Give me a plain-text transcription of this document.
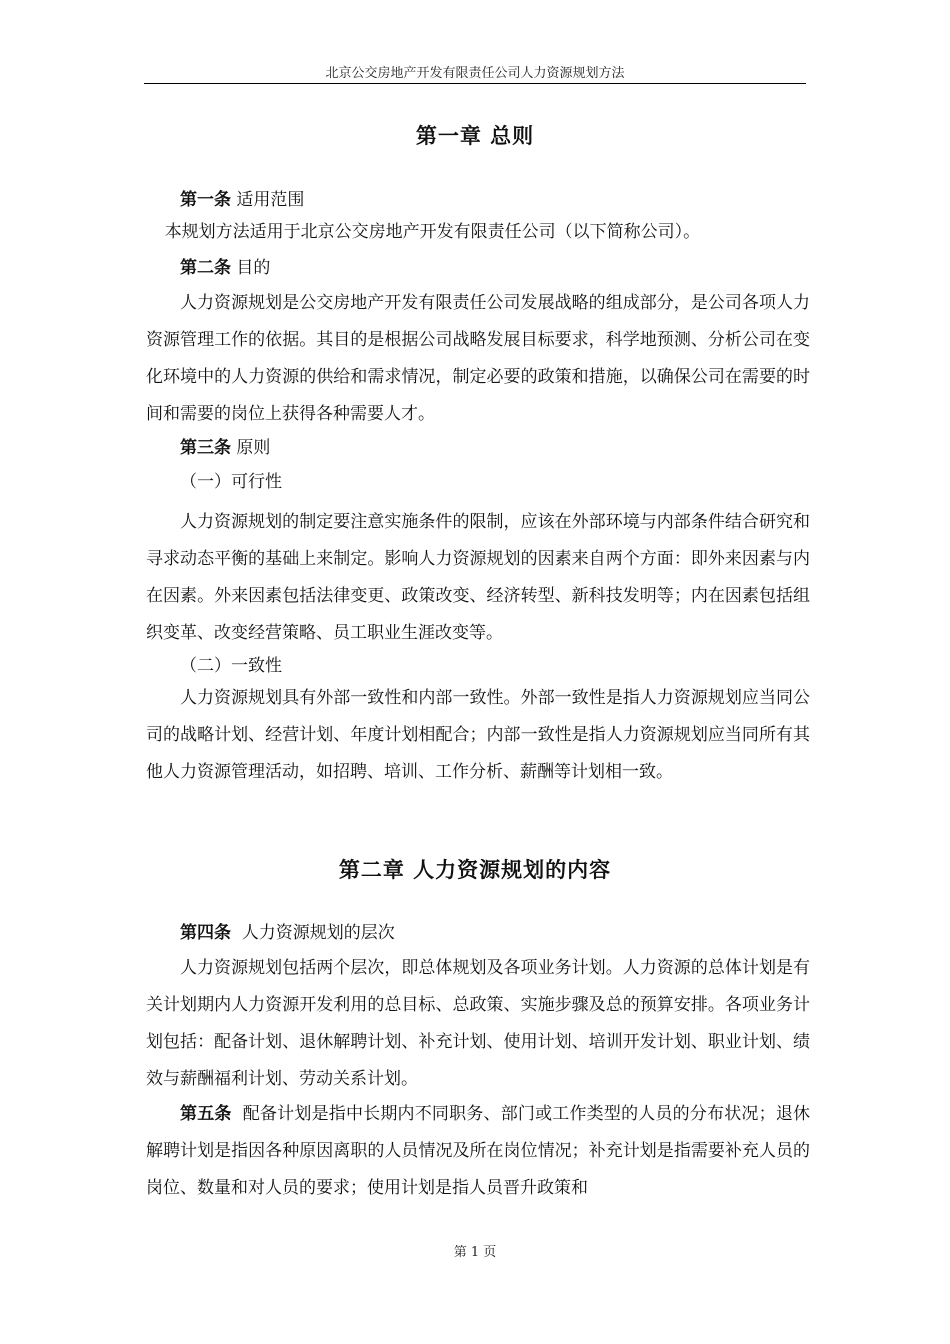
北京公交房地产开发有限责任公司人力资源规划方法
第一章 总则
第一条 适用范围

本规划方法适用于北京公交房地产开发有限责任公司（以下简称公司）。

第二条 目的

人力资源规划是公交房地产开发有限责任公司发展战略的组成部分，是公司各项人力资源管理工作的依据。其目的是根据公司战略发展目标要求，科学地预测、分析公司在变化环境中的人力资源的供给和需求情况，制定必要的政策和措施，以确保公司在需要的时间和需要的岗位上获得各种需要人才。

第三条 原则
（一）可行性

人力资源规划的制定要注意实施条件的限制，应该在外部环境与内部条件结合研究和寻求动态平衡的基础上来制定。影响人力资源规划的因素来自两个方面：即外来因素与内在因素。外来因素包括法律变更、政策改变、经济转型、新科技发明等；内在因素包括组织变革、改变经营策略、员工职业生涯改变等。

（二）一致性

人力资源规划具有外部一致性和内部一致性。外部一致性是指人力资源规划应当同公司的战略计划、经营计划、年度计划相配合；内部一致性是指人力资源规划应当同所有其他人力资源管理活动，如招聘、培训、工作分析、薪酬等计划相一致。

第二章 人力资源规划的内容
第四条 人力资源规划的层次

人力资源规划包括两个层次，即总体规划及各项业务计划。人力资源的总体计划是有关计划期内人力资源开发利用的总目标、总政策、实施步骤及总的预算安排。各项业务计划包括：配备计划、退休解聘计划、补充计划、使用计划、培训开发计划、职业计划、绩效与薪酬福利计划、劳动关系计划。

第五条 配备计划是指中长期内不同职务、部门或工作类型的人员的分布状况；退休解聘计划是指因各种原因离职的人员情况及所在岗位情况；补充计划是指需要补充人员的岗位、数量和对人员的要求；使用计划是指人员晋升政策和

第 1 页
